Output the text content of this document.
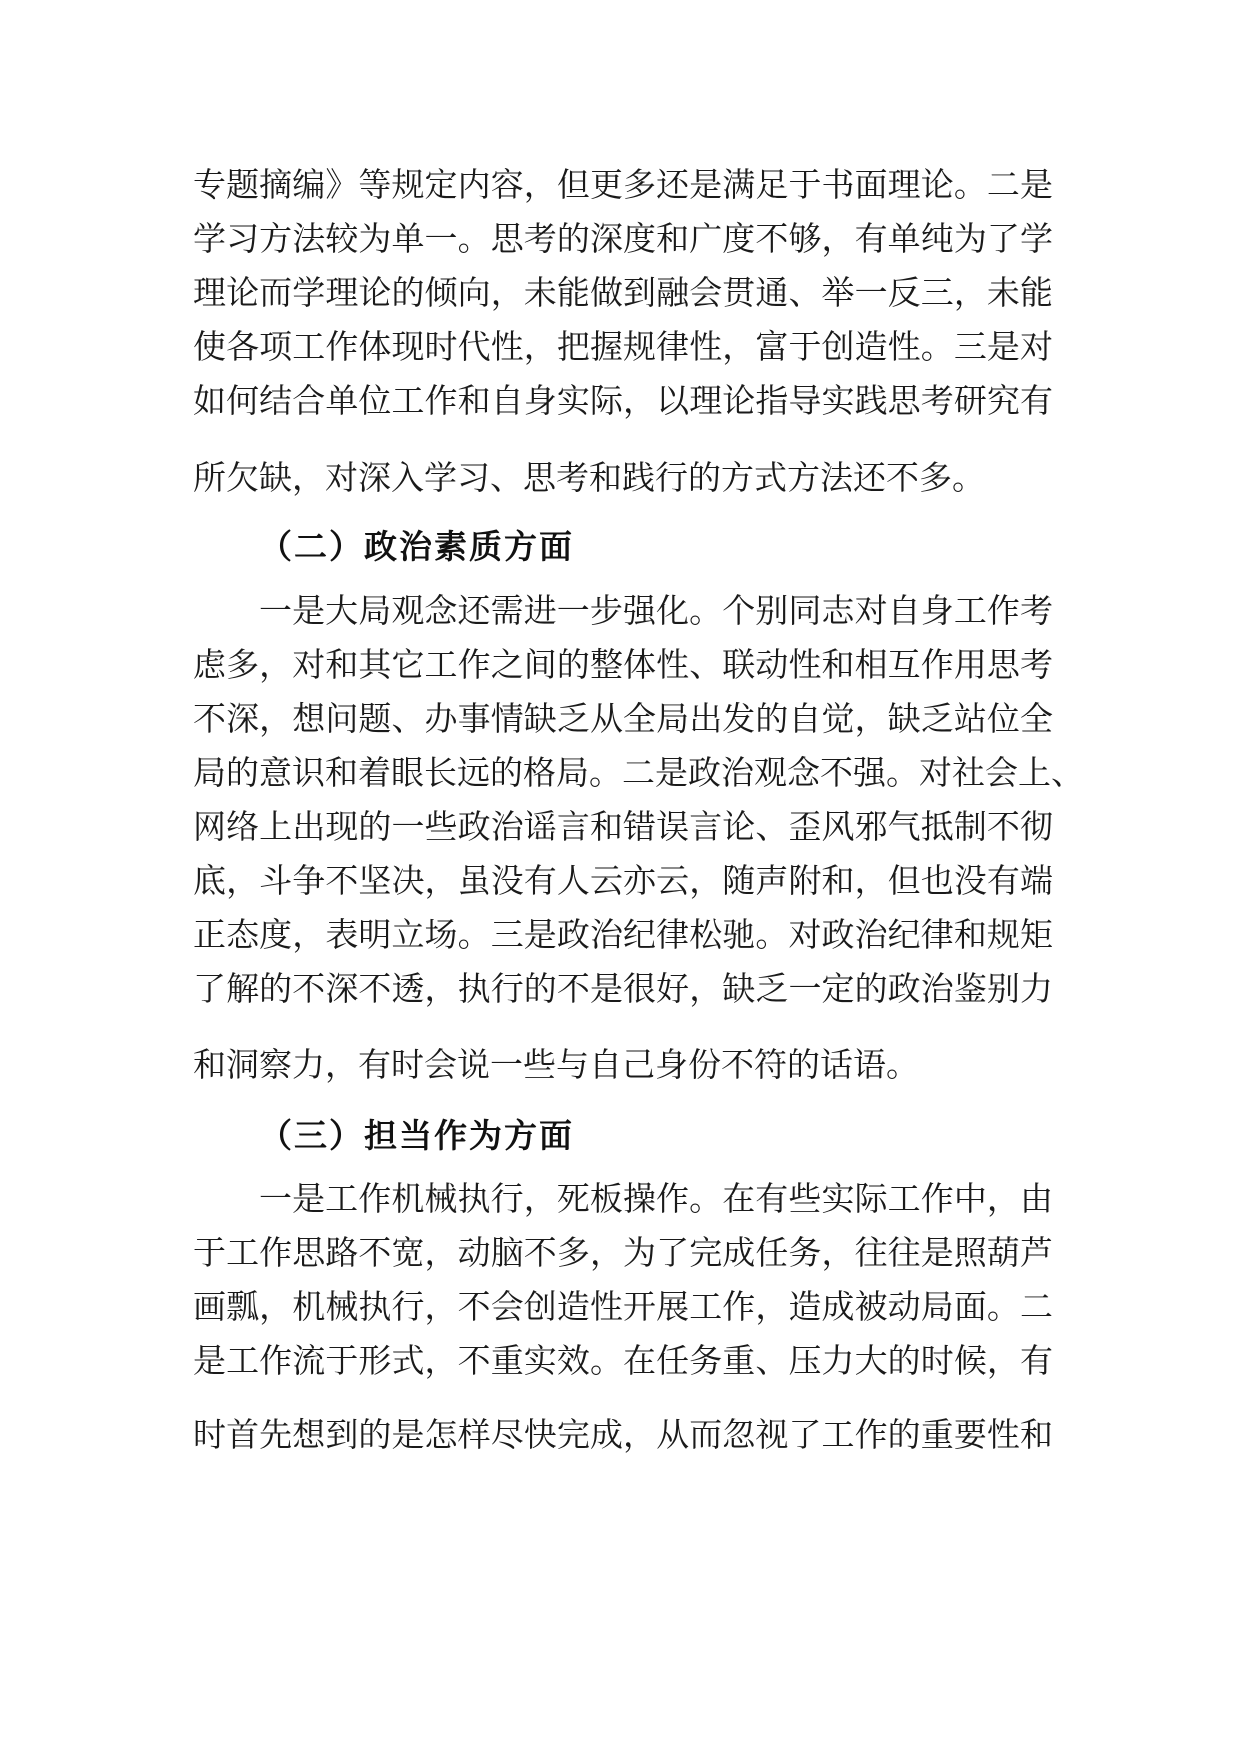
专题摘编》等规定内容，但更多还是满足于书面理论。二是
学习方法较为单一。思考的深度和广度不够，有单纯为了学
理论而学理论的倾向，未能做到融会贯通、举一反三，未能
使各项工作体现时代性，把握规律性，富于创造性。三是对
如何结合单位工作和自身实际，以理论指导实践思考研究有
所欠缺，对深入学习、思考和践行的方式方法还不多。
（二）政治素质方面
一是大局观念还需进一步强化。个别同志对自身工作考
虑多，对和其它工作之间的整体性、联动性和相互作用思考
不深，想问题、办事情缺乏从全局出发的自觉，缺乏站位全
局的意识和着眼长远的格局。二是政治观念不强。对社会上、
网络上出现的一些政治谣言和错误言论、歪风邪气抵制不彻
底，斗争不坚决，虽没有人云亦云，随声附和，但也没有端
正态度，表明立场。三是政治纪律松驰。对政治纪律和规矩
了解的不深不透，执行的不是很好，缺乏一定的政治鉴别力
和洞察力，有时会说一些与自己身份不符的话语。
（三）担当作为方面
一是工作机械执行，死板操作。在有些实际工作中，由
于工作思路不宽，动脑不多，为了完成任务，往往是照葫芦
画瓢，机械执行，不会创造性开展工作，造成被动局面。二
是工作流于形式，不重实效。在任务重、压力大的时候，有
时首先想到的是怎样尽快完成，从而忽视了工作的重要性和
